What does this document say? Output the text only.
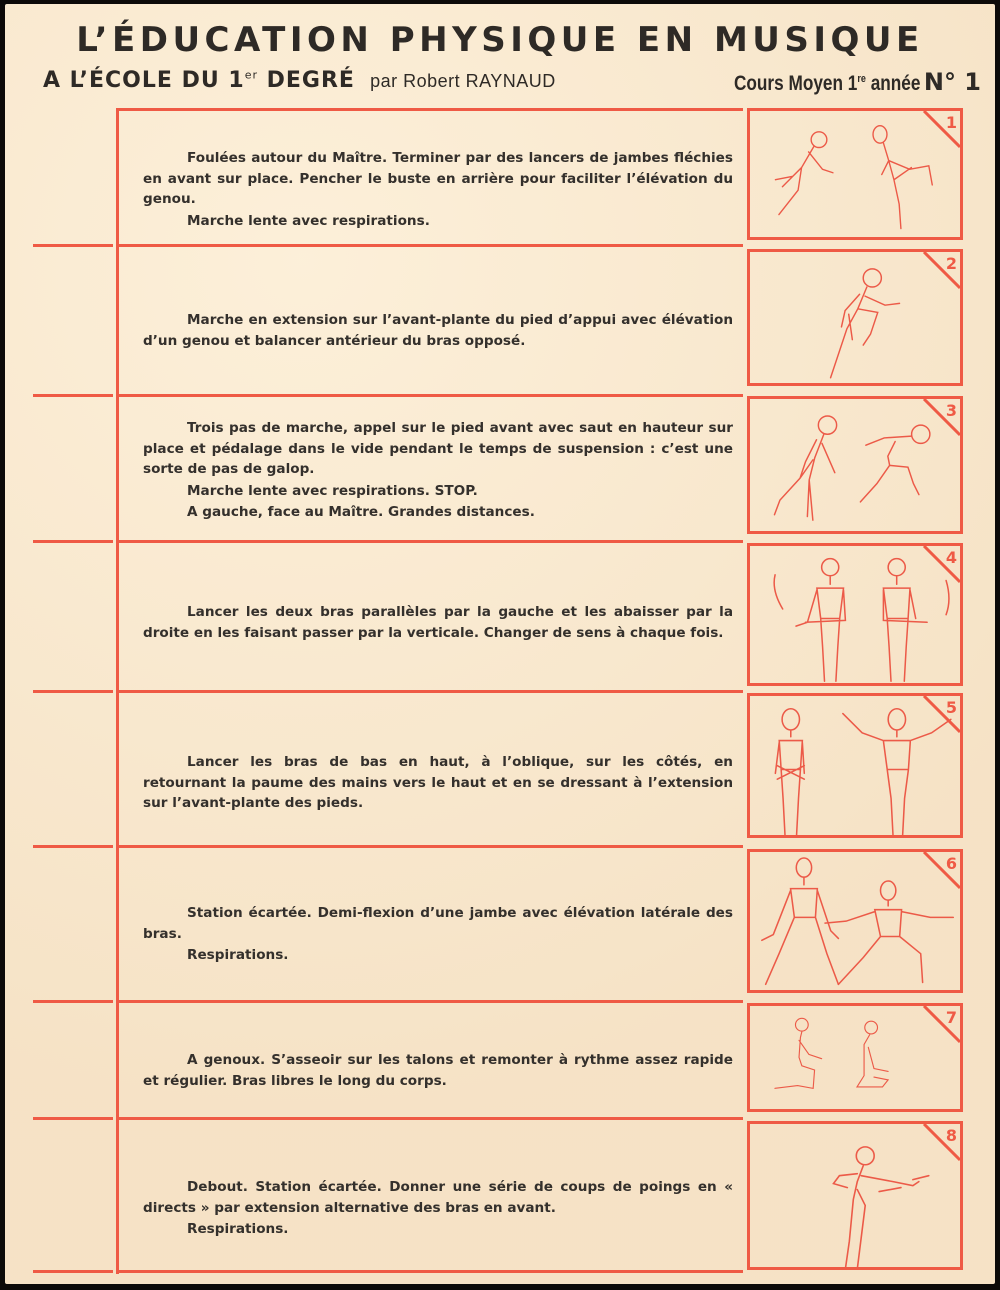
L’ÉDUCATION PHYSIQUE EN MUSIQUE
A L’ÉCOLE DU 1er DEGRÉ par Robert RAYNAUD	Cours Moyen 1re année N° 1

Foulées autour du Maître. Terminer par des lancers de jambes fléchies en avant sur place. Pencher le buste en arrière pour faciliter l’élévation du genou.

Marche lente avec respirations.

1

Marche en extension sur l’avant-plante du pied d’appui avec élévation d’un genou et balancer antérieur du bras opposé.

2

Trois pas de marche, appel sur le pied avant avec saut en hauteur sur place et pédalage dans le vide pendant le temps de suspension : c’est une sorte de pas de galop.

Marche lente avec respirations. STOP.

A gauche, face au Maître. Grandes distances.

3

Lancer les deux bras parallèles par la gauche et les abaisser par la droite en les faisant passer par la verticale. Changer de sens à chaque fois.

4

Lancer les bras de bas en haut, à l’oblique, sur les côtés, en retournant la paume des mains vers le haut et en se dressant à l’extension sur l’avant-plante des pieds.

5

Station écartée. Demi-flexion d’une jambe avec élévation latérale des bras.

Respirations.

6

A genoux. S’asseoir sur les talons et remonter à rythme assez rapide et régulier. Bras libres le long du corps.

7

Debout. Station écartée. Donner une série de coups de poings en « directs » par extension alternative des bras en avant.

Respirations.

8
